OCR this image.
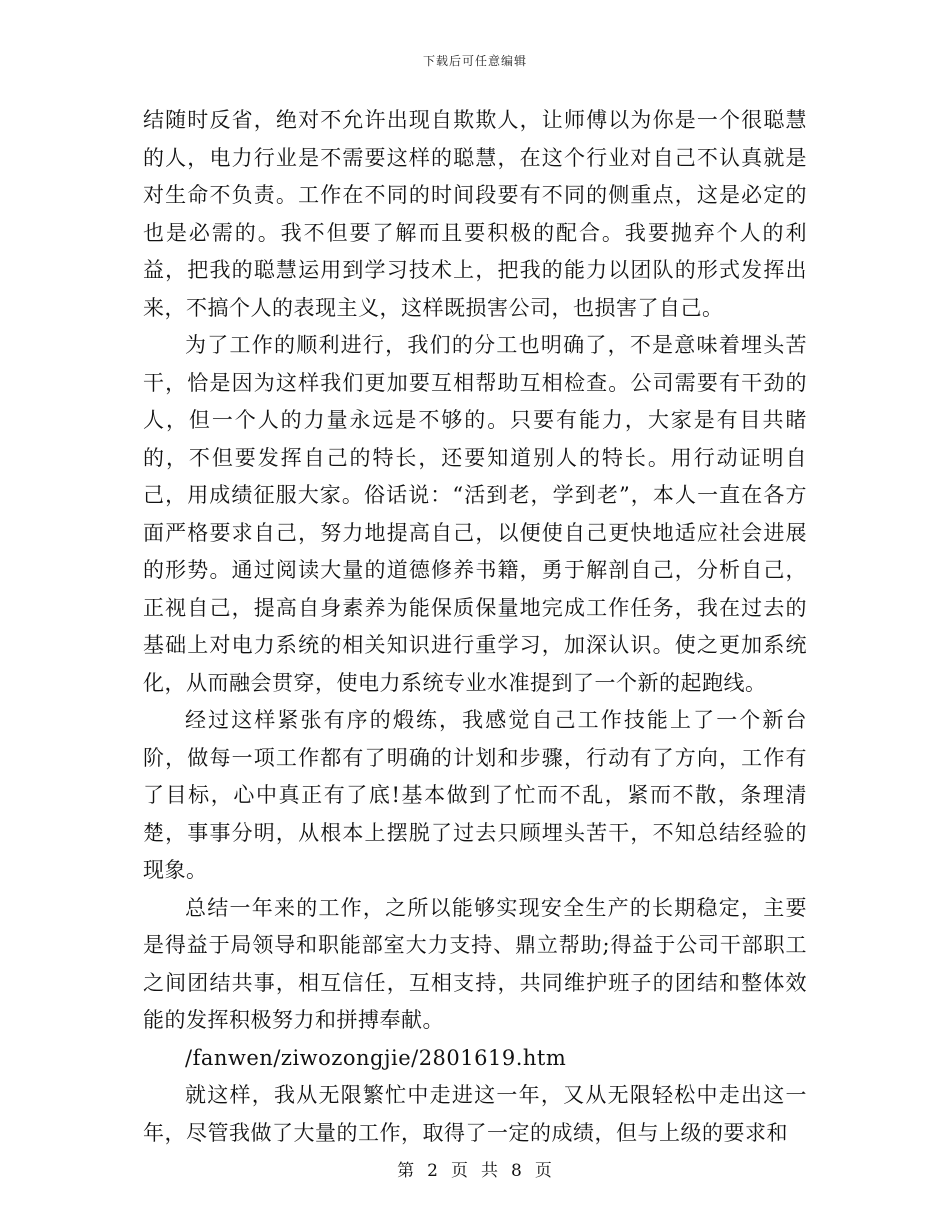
下载后可任意编辑

结随时反省，绝对不允许出现自欺欺人，让师傅以为你是一个很聪慧的人，电力行业是不需要这样的聪慧，在这个行业对自己不认真就是对生命不负责。工作在不同的时间段要有不同的侧重点，这是必定的也是必需的。我不但要了解而且要积极的配合。我要抛弃个人的利益，把我的聪慧运用到学习技术上，把我的能力以团队的形式发挥出来，不搞个人的表现主义，这样既损害公司，也损害了自己。

为了工作的顺利进行，我们的分工也明确了，不是意味着埋头苦干，恰是因为这样我们更加要互相帮助互相检查。公司需要有干劲的人，但一个人的力量永远是不够的。只要有能力，大家是有目共睹的，不但要发挥自己的特长，还要知道别人的特长。用行动证明自己，用成绩征服大家。俗话说：“活到老，学到老”，本人一直在各方面严格要求自己，努力地提高自己，以便使自己更快地适应社会进展的形势。通过阅读大量的道德修养书籍，勇于解剖自己，分析自己，正视自己，提高自身素养为能保质保量地完成工作任务，我在过去的基础上对电力系统的相关知识进行重学习，加深认识。使之更加系统化，从而融会贯穿，使电力系统专业水准提到了一个新的起跑线。

经过这样紧张有序的煅练，我感觉自己工作技能上了一个新台阶，做每一项工作都有了明确的计划和步骤，行动有了方向，工作有了目标，心中真正有了底!基本做到了忙而不乱，紧而不散，条理清楚，事事分明，从根本上摆脱了过去只顾埋头苦干，不知总结经验的现象。

总结一年来的工作，之所以能够实现安全生产的长期稳定，主要是得益于局领导和职能部室大力支持、鼎立帮助;得益于公司干部职工之间团结共事，相互信任，互相支持，共同维护班子的团结和整体效能的发挥积极努力和拼搏奉献。

/fanwen/ziwozongjie/2801619.htm

就这样，我从无限繁忙中走进这一年，又从无限轻松中走出这一年，尽管我做了大量的工作，取得了一定的成绩，但与上级的要求和

第 2 页 共 8 页
